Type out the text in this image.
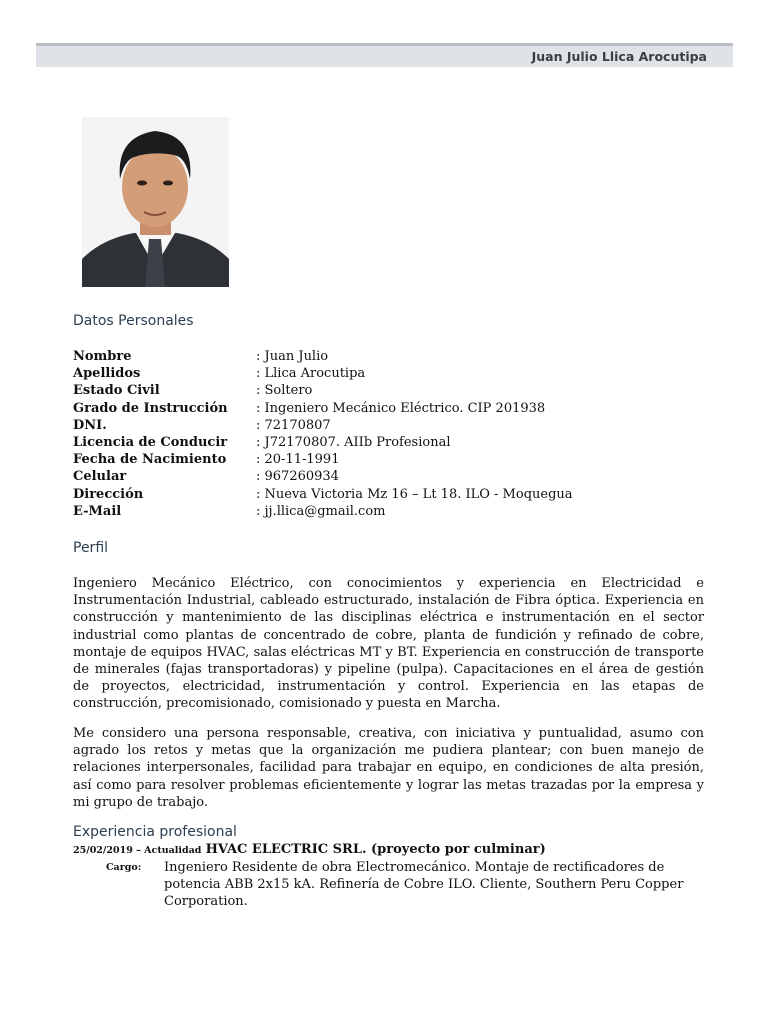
Juan Julio Llica Arocutipa
Datos Personales
Nombre	: Juan Julio
Apellidos	: Llica Arocutipa
Estado Civil	: Soltero
Grado de Instrucción	: Ingeniero Mecánico Eléctrico. CIP 201938
DNI.	: 72170807
Licencia de Conducir	: J72170807. AIIb Profesional
Fecha de Nacimiento	: 20-11-1991
Celular	: 967260934
Dirección	: Nueva Victoria Mz 16 – Lt 18. ILO - Moquegua
E-Mail	: jj.llica@gmail.com
Perfil

Ingeniero Mecánico Eléctrico, con conocimientos y experiencia en Electricidad e Instrumentación Industrial, cableado estructurado, instalación de Fibra óptica. Experiencia en construcción y mantenimiento de las disciplinas eléctrica e instrumentación en el sector industrial como plantas de concentrado de cobre, planta de fundición y refinado de cobre, montaje de equipos HVAC, salas eléctricas MT y BT. Experiencia en construcción de transporte de minerales (fajas transportadoras) y pipeline (pulpa). Capacitaciones en el área de gestión de proyectos, electricidad, instrumentación y control. Experiencia en las etapas de construcción, precomisionado, comisionado y puesta en Marcha.

Me considero una persona responsable, creativa, con iniciativa y puntualidad, asumo con agrado los retos y metas que la organización me pudiera plantear; con buen manejo de relaciones interpersonales, facilidad para trabajar en equipo, en condiciones de alta presión, así como para resolver problemas eficientemente y lograr las metas trazadas por la empresa y mi grupo de trabajo.

Experiencia profesional
25/02/2019 – Actualidad HVAC ELECTRIC SRL. (proyecto por culminar)
Cargo: Ingeniero Residente de obra Electromecánico. Montaje de rectificadores de potencia ABB 2x15 kA. Refinería de Cobre ILO. Cliente, Southern Peru Copper Corporation.
